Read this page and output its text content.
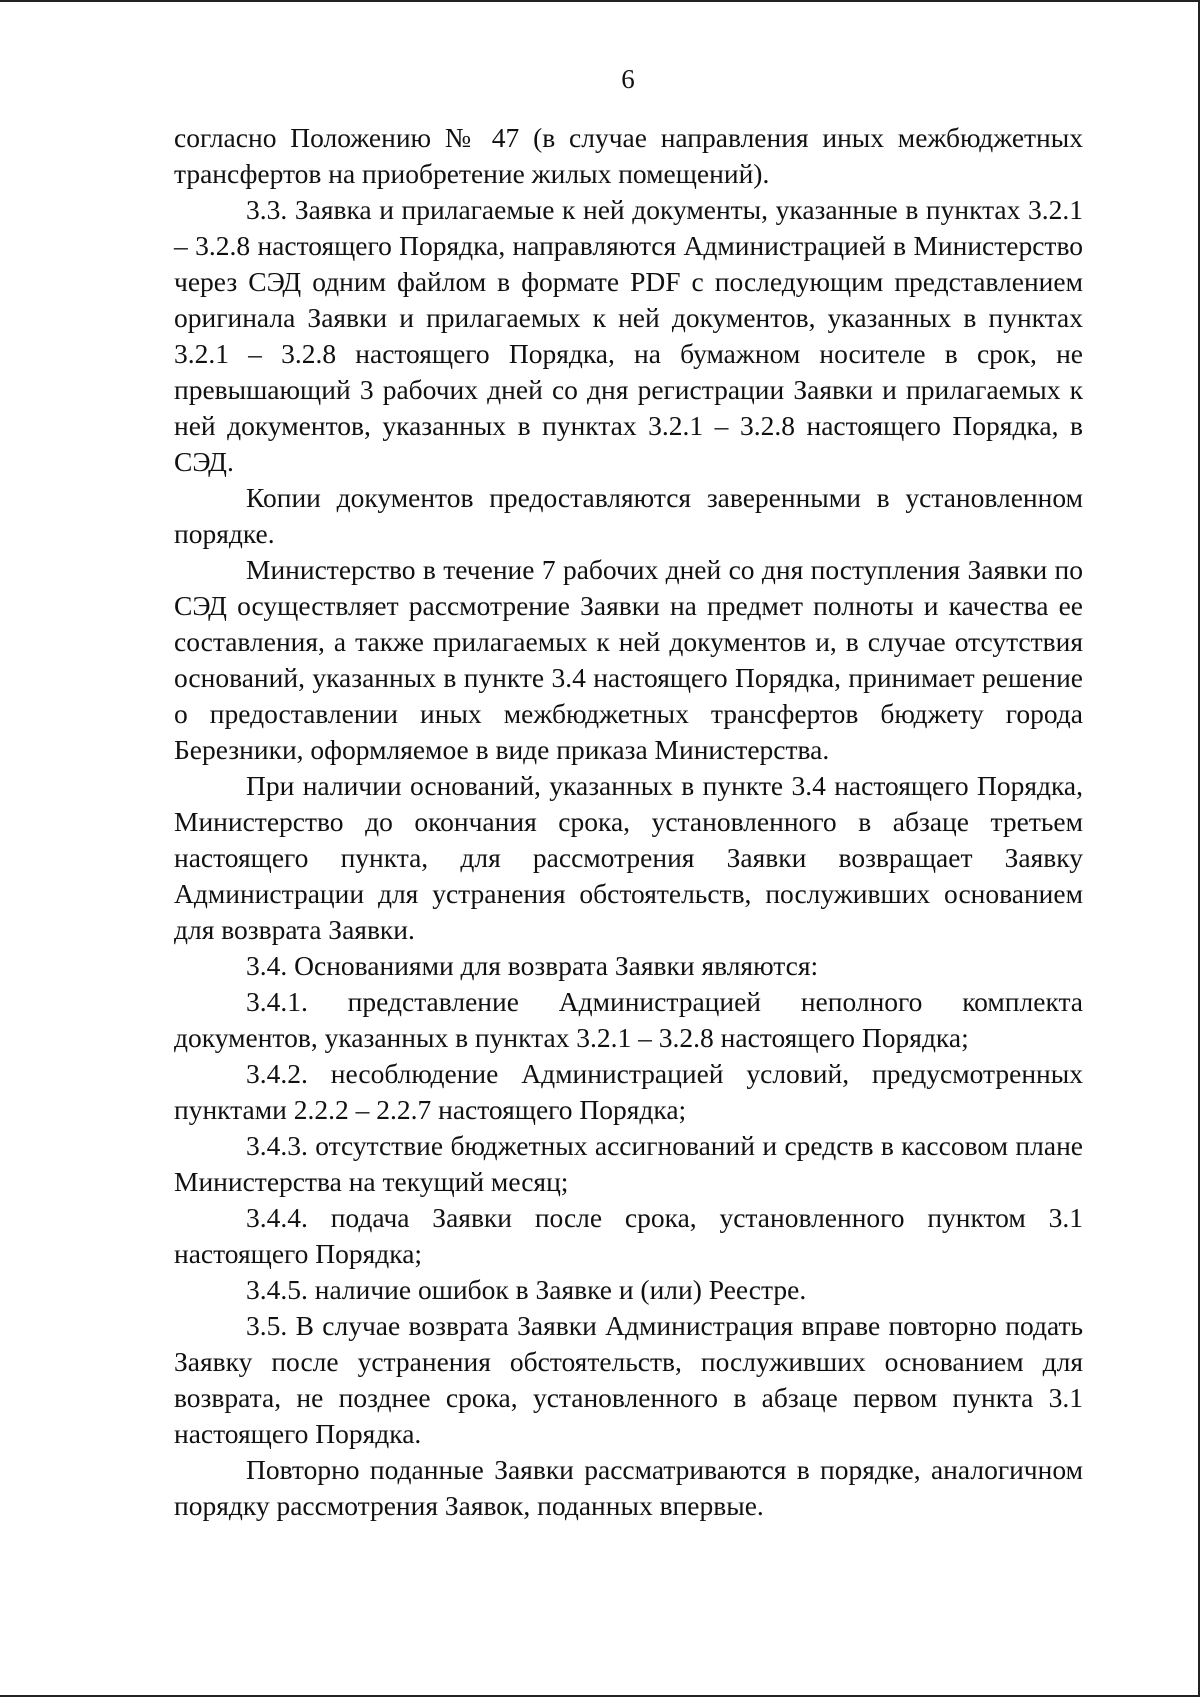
6

согласно Положению № 47 (в случае направления иных межбюджетных трансфертов на приобретение жилых помещений).

3.3. Заявка и прилагаемые к ней документы, указанные в пунктах 3.2.1 – 3.2.8 настоящего Порядка, направляются Администрацией в Министерство через СЭД одним файлом в формате PDF с последующим представлением оригинала Заявки и прилагаемых к ней документов, указанных в пунктах 3.2.1 – 3.2.8 настоящего Порядка, на бумажном носителе в срок, не превышающий 3 рабочих дней со дня регистрации Заявки и прилагаемых к ней документов, указанных в пунктах 3.2.1 – 3.2.8 настоящего Порядка, в СЭД.

Копии документов предоставляются заверенными в установленном порядке.

Министерство в течение 7 рабочих дней со дня поступления Заявки по СЭД осуществляет рассмотрение Заявки на предмет полноты и качества ее составления, а также прилагаемых к ней документов и, в случае отсутствия оснований, указанных в пункте 3.4 настоящего Порядка, принимает решение о предоставлении иных межбюджетных трансфертов бюджету города Березники, оформляемое в виде приказа Министерства.

При наличии оснований, указанных в пункте 3.4 настоящего Порядка, Министерство до окончания срока, установленного в абзаце третьем настоящего пункта, для рассмотрения Заявки возвращает Заявку Администрации для устранения обстоятельств, послуживших основанием для возврата Заявки.

3.4. Основаниями для возврата Заявки являются:

3.4.1. представление Администрацией неполного комплекта документов, указанных в пунктах 3.2.1 – 3.2.8 настоящего Порядка;

3.4.2. несоблюдение Администрацией условий, предусмотренных пунктами 2.2.2 – 2.2.7 настоящего Порядка;

3.4.3. отсутствие бюджетных ассигнований и средств в кассовом плане Министерства на текущий месяц;

3.4.4. подача Заявки после срока, установленного пунктом 3.1 настоящего Порядка;

3.4.5. наличие ошибок в Заявке и (или) Реестре.

3.5. В случае возврата Заявки Администрация вправе повторно подать Заявку после устранения обстоятельств, послуживших основанием для возврата, не позднее срока, установленного в абзаце первом пункта 3.1 настоящего Порядка.

Повторно поданные Заявки рассматриваются в порядке, аналогичном порядку рассмотрения Заявок, поданных впервые.
